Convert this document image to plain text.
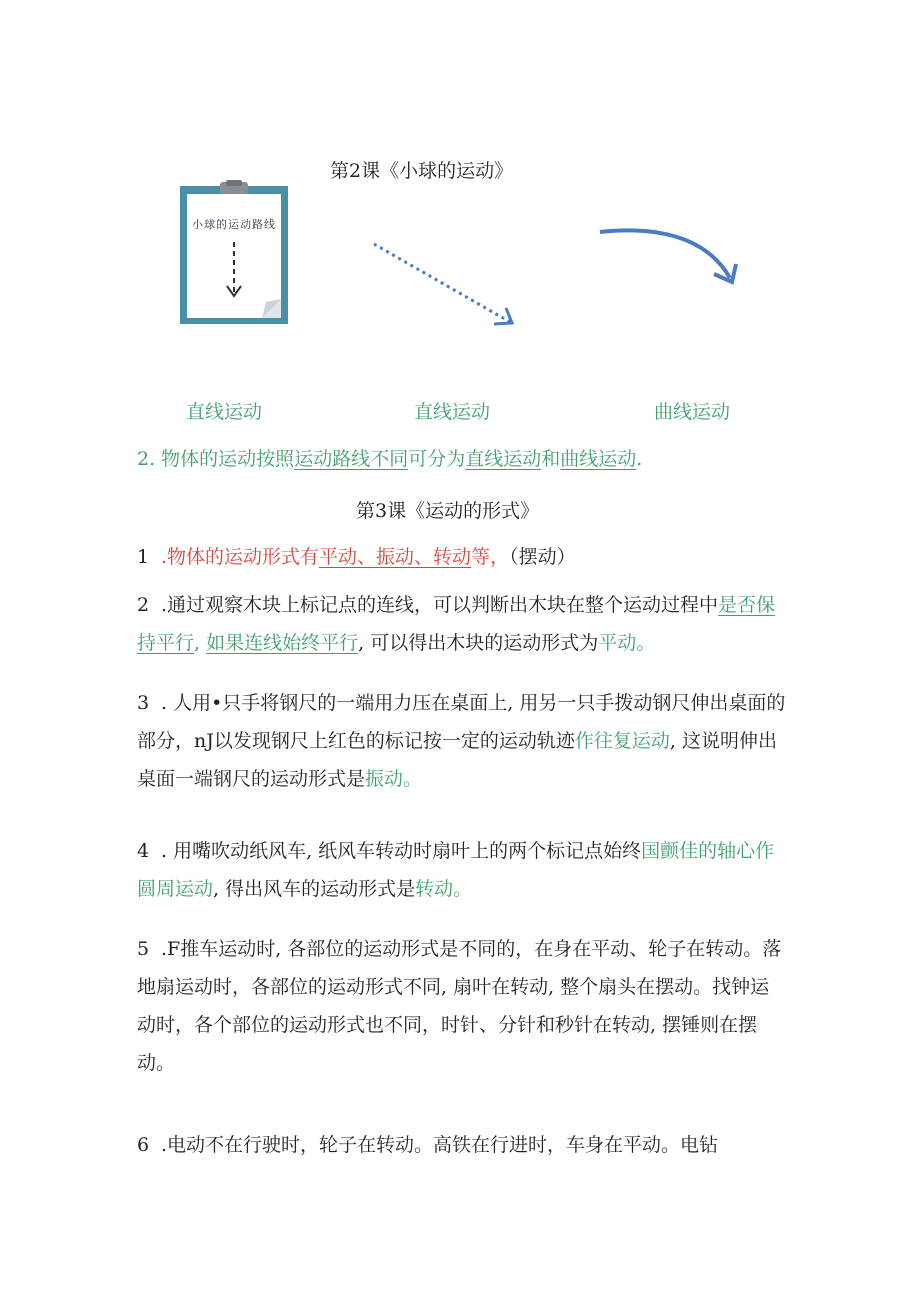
第2课《小球的运动》
小球的运动路线
直线运动	直线运动	曲线运动
2. 物体的运动按照运动路线不同可分为直线运动和曲线运动.
第3课《运动的形式》
1 .物体的运动形式有平动、振动、转动等，（摆动）
2 .通过观察木块上标记点的连线，可以判断出木块在整个运动过程中是否保持平行, 如果连线始终平行, 可以得出木块的运动形式为平动。
3 . 人用•只手将钢尺的一端用力压在桌面上, 用另一只手拨动钢尺伸出桌面的部分，nJ以发现钢尺上红色的标记按一定的运动轨迹作往复运动, 这说明伸出桌面一端钢尺的运动形式是振动。
4 . 用嘴吹动纸风车, 纸风车转动时扇叶上的两个标记点始终国颤佳的轴心作圆周运动, 得出风车的运动形式是转动。
5 .F推车运动时, 各部位的运动形式是不同的，在身在平动、轮子在转动。落地扇运动时，各部位的运动形式不同, 扇叶在转动, 整个扇头在摆动。找钟运动时，各个部位的运动形式也不同，时针、分针和秒针在转动, 摆锤则在摆动。
6 .电动不在行驶时，轮子在转动。高铁在行进时，车身在平动。电钻
